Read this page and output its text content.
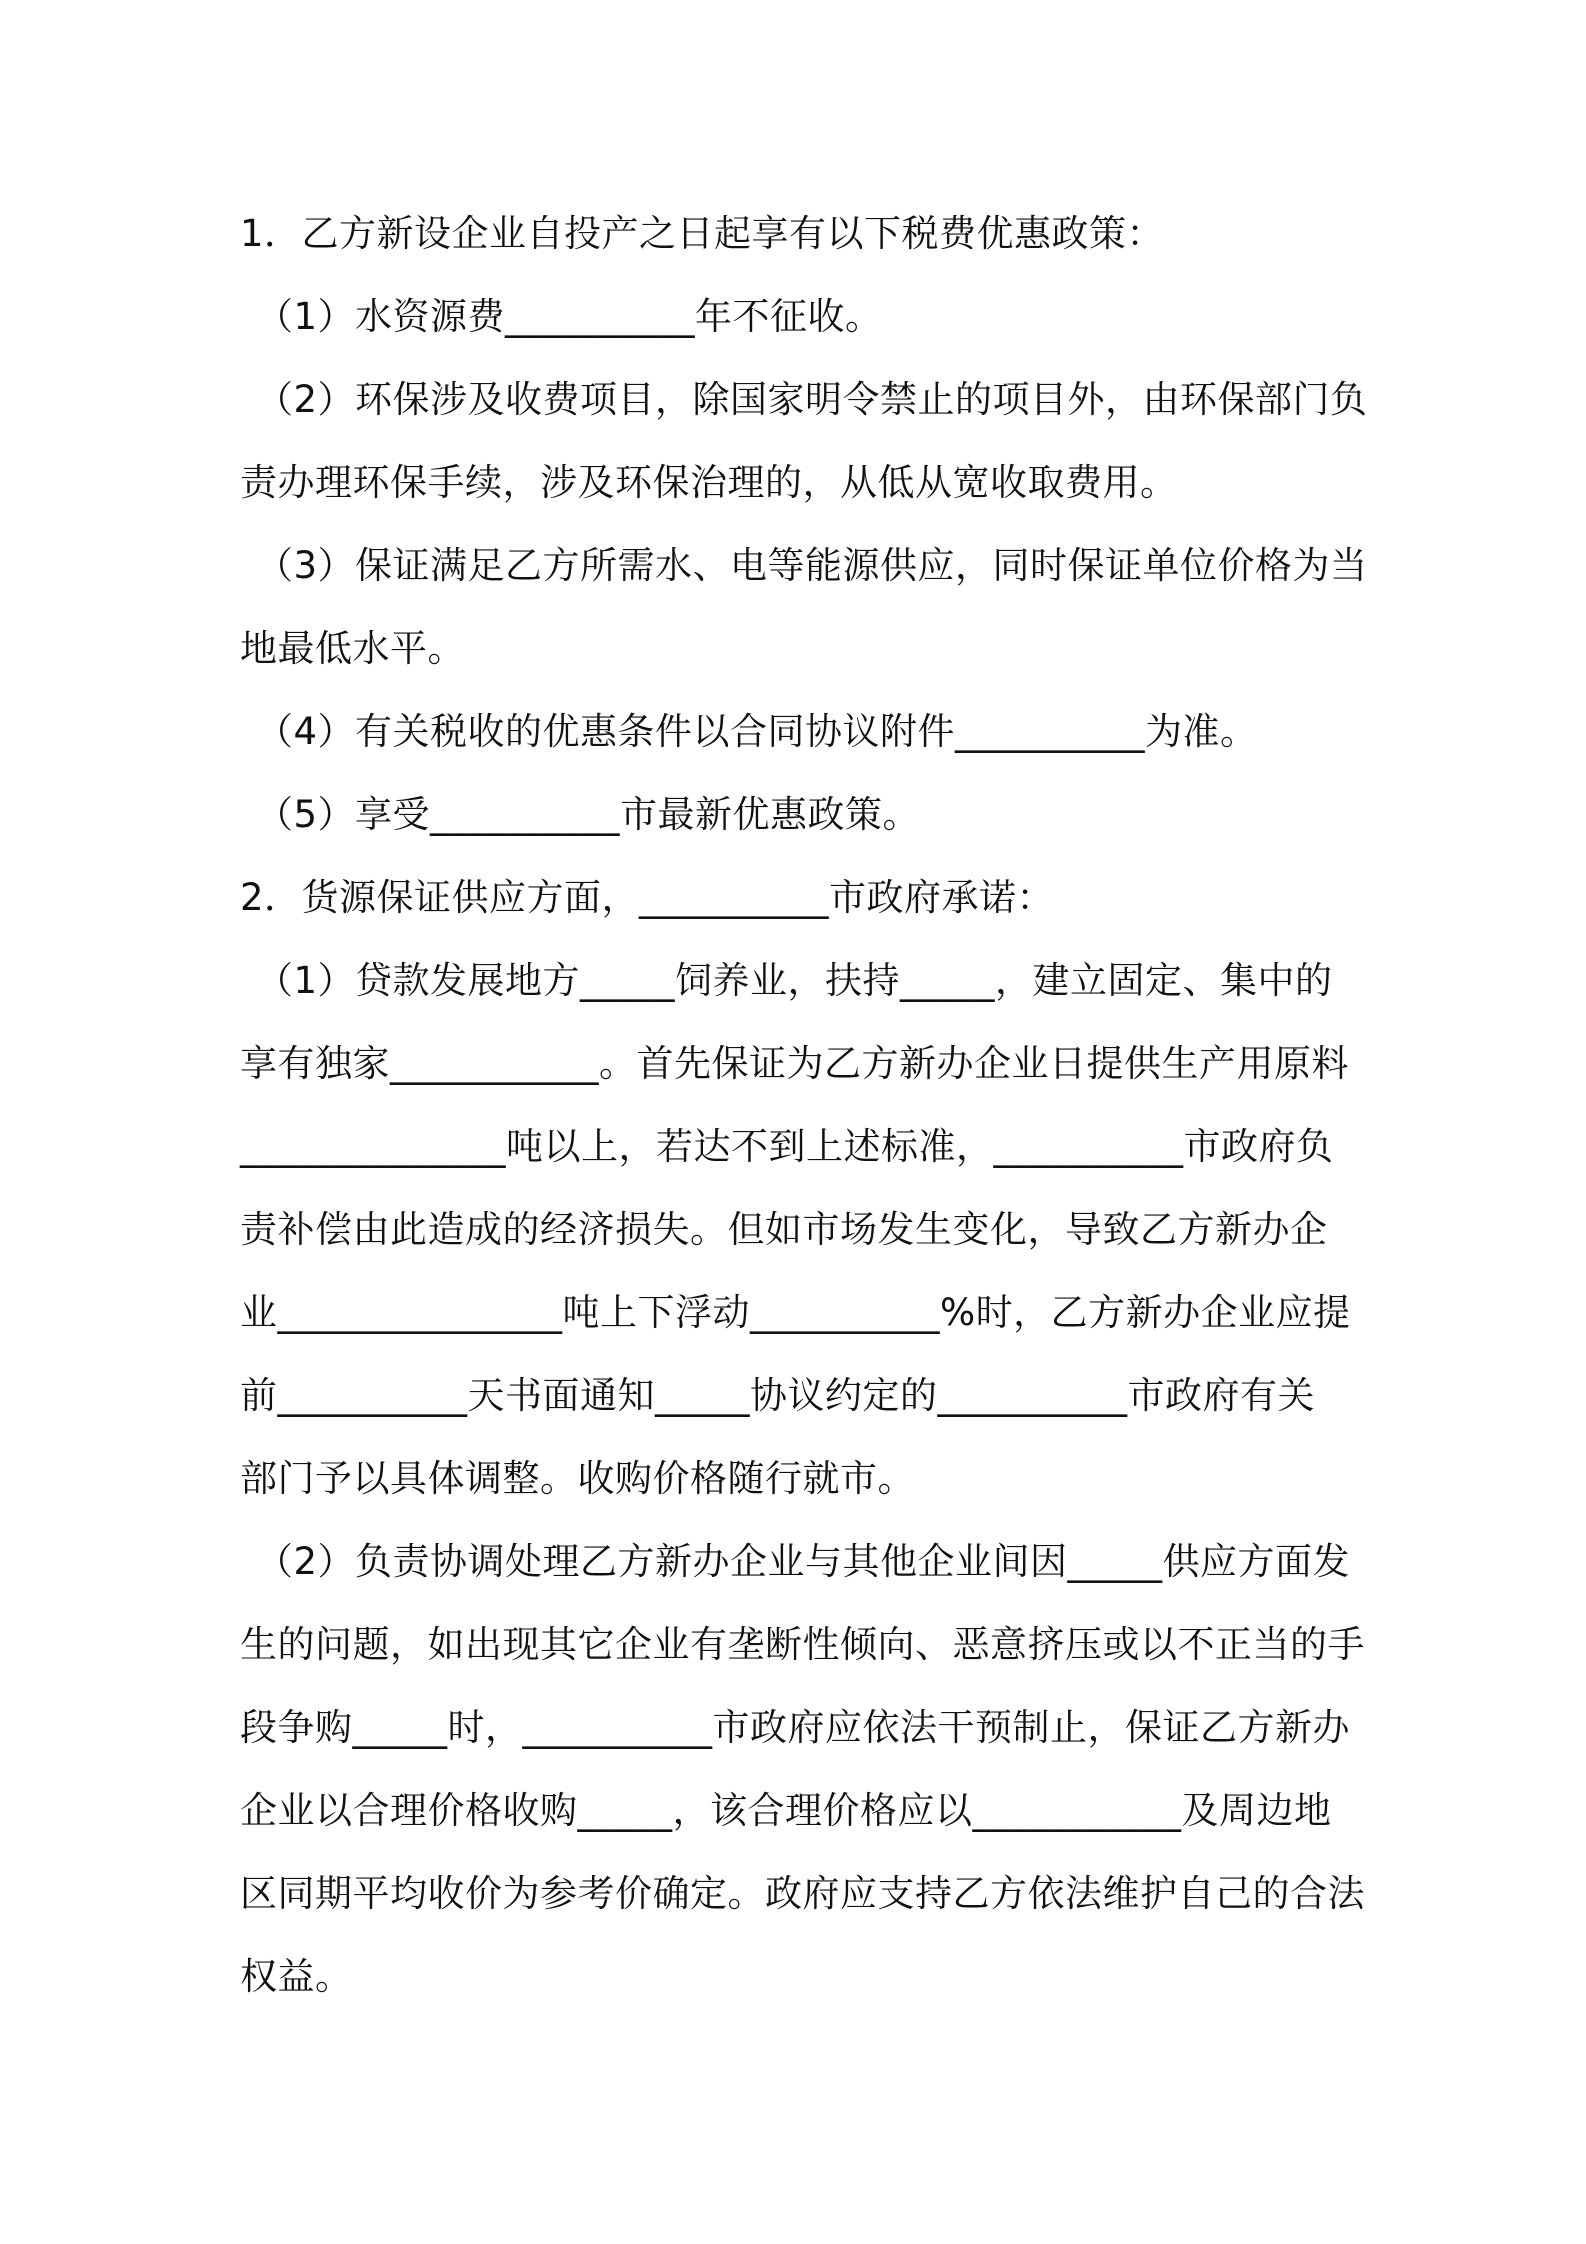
1．乙方新设企业自投产之日起享有以下税费优惠政策：
（1）水资源费__________年不征收。
（2）环保涉及收费项目，除国家明令禁止的项目外，由环保部门负
责办理环保手续，涉及环保治理的，从低从宽收取费用。
（3）保证满足乙方所需水、电等能源供应，同时保证单位价格为当
地最低水平。
（4）有关税收的优惠条件以合同协议附件__________为准。
（5）享受__________市最新优惠政策。
2．货源保证供应方面，__________市政府承诺：
（1）贷款发展地方_____饲养业，扶持_____，建立固定、集中的
享有独家___________。首先保证为乙方新办企业日提供生产用原料
______________吨以上，若达不到上述标准，__________市政府负
责补偿由此造成的经济损失。但如市场发生变化，导致乙方新办企
业_______________吨上下浮动__________%时，乙方新办企业应提
前__________天书面通知_____协议约定的__________市政府有关
部门予以具体调整。收购价格随行就市。
（2）负责协调处理乙方新办企业与其他企业间因_____供应方面发
生的问题，如出现其它企业有垄断性倾向、恶意挤压或以不正当的手
段争购_____时，__________市政府应依法干预制止，保证乙方新办
企业以合理价格收购_____，该合理价格应以___________及周边地
区同期平均收价为参考价确定。政府应支持乙方依法维护自己的合法
权益。
